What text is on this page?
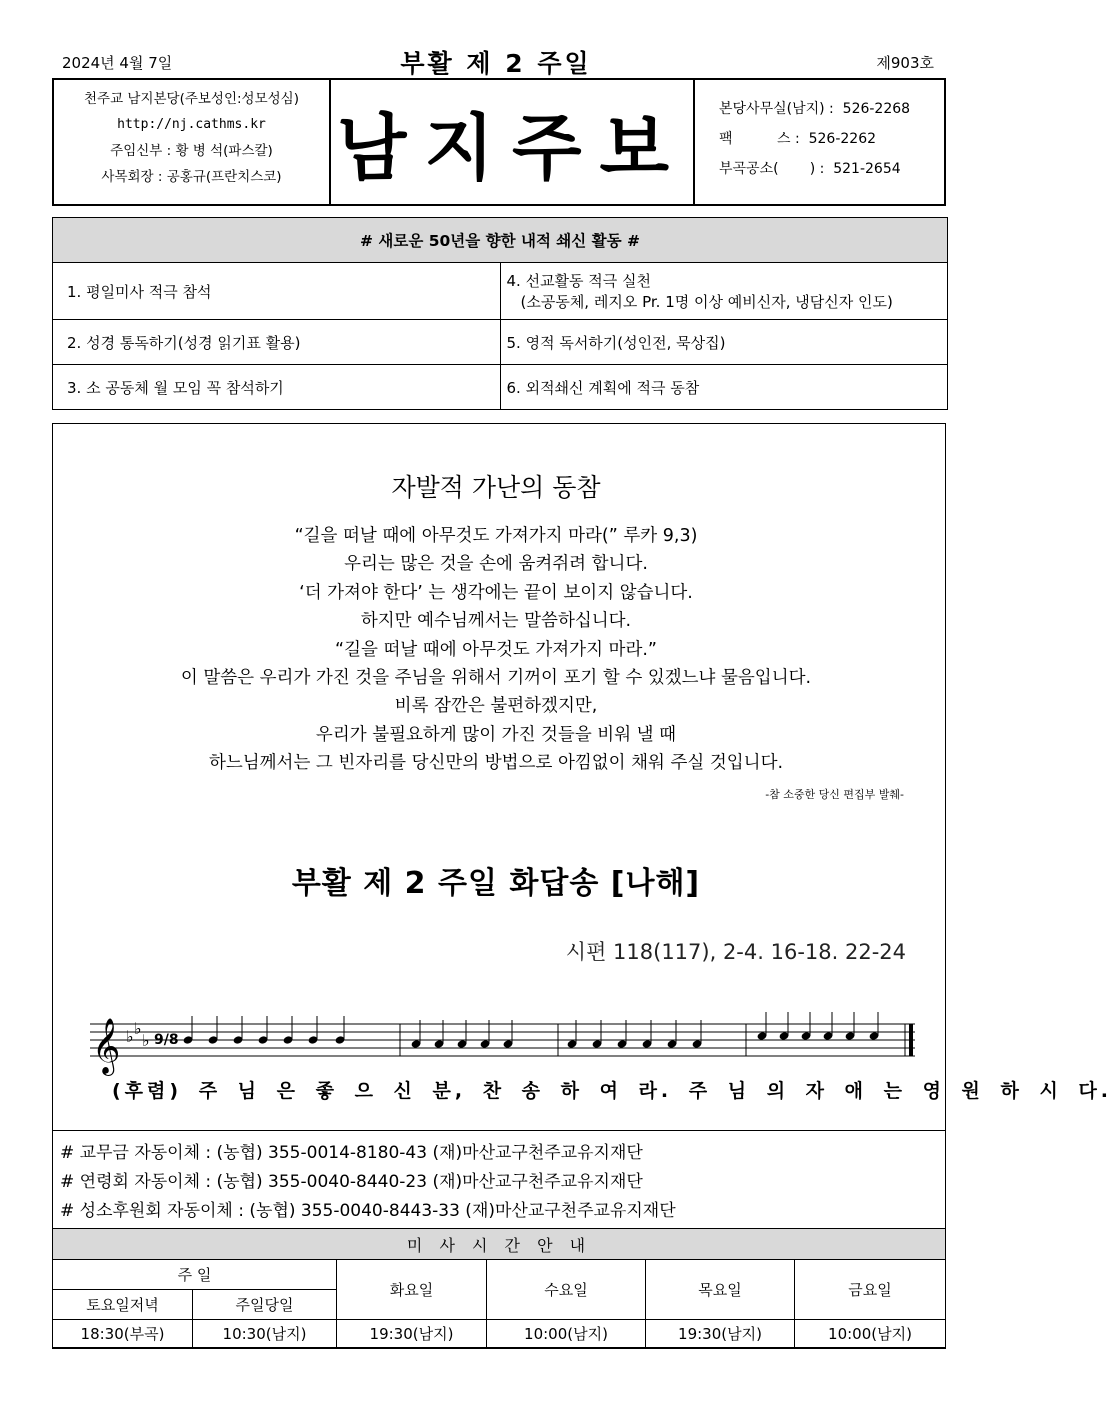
2024년 4월 7일	부활 제 2 주일	제903호
천주교 남지본당(주보성인:성모성심)
http://nj.cathms.kr
주임신부 : 황 병 석(파스칼)
사목회장 : 공홍규(프란치스코) 남지주보 본당사무실(남지) :  526-2268
팩          스 :  526-2262
부곡공소(       ) :  521-2654
# 새로운 50년을 향한 내적 쇄신 활동 #	
1. 평일미사 적극 참석	4. 선교활동 적극 실천
(소공동체, 레지오 Pr. 1명 이상 예비신자, 냉담신자 인도)

2. 성경 통독하기(성경 읽기표 활용)	5. 영적 독서하기(성인전, 묵상집)
3. 소 공동체 월 모임 꼭 참석하기	6. 외적쇄신 계획에 적극 동참
자발적 가난의 동참
“길을 떠날 때에 아무것도 가져가지 마라(” 루카 9,3)
우리는 많은 것을 손에 움켜쥐려 합니다.
‘더 가져야 한다’ 는 생각에는 끝이 보이지 않습니다.
하지만 예수님께서는 말씀하십니다.
“길을 떠날 때에 아무것도 가져가지 마라.”
이 말씀은 우리가 가진 것을 주님을 위해서 기꺼이 포기 할 수 있겠느냐 물음입니다.
비록 잠깐은 불편하겠지만,
우리가 불필요하게 많이 가진 것들을 비워 낼 때
하느님께서는 그 빈자리를 당신만의 방법으로 아낌없이 채워 주실 것입니다.
-참 소중한 당신 편집부 발췌-
부활 제 2 주일 화답송 [나해]
시편 118(117), 2-4. 16-18. 22-24
𝄞 ♭ ♭
♭ 9/8
(후렴) 주 님 은 좋 으 신 분, 찬 송 하 여 라. 주 님 의 자 애 는 영 원 하 시 다.
# 교무금 자동이체 : (농협) 355-0014-8180-43 (재)마산교구천주교유지재단
# 연령회 자동이체 : (농협) 355-0040-8440-23 (재)마산교구천주교유지재단
# 성소후원회 자동이체 : (농협) 355-0040-8443-33 (재)마산교구천주교유지재단
미 사 시 간 안 내					
주 일		화요일	수요일	목요일	금요일
토요일저녁	주일당일				
18:30(부곡)	10:30(남지)	19:30(남지)	10:00(남지)	19:30(남지)	10:00(남지)
